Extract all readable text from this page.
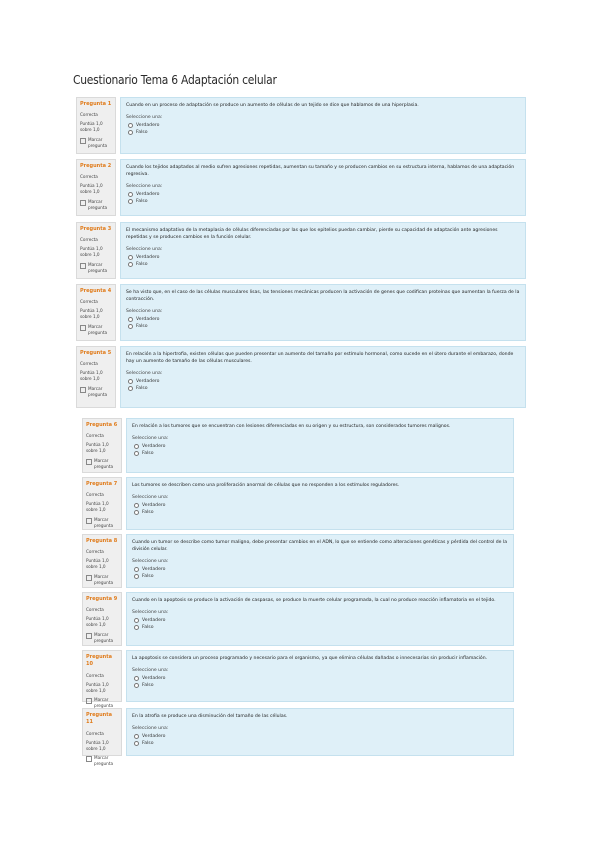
Cuestionario Tema 6 Adaptación celular
Pregunta 1
Correcta
Puntúa 1,0 sobre 1,0
Marcar pregunta
Cuando en un proceso de adaptación se produce un aumento de células de un tejido se dice que hablamos de una hiperplasia.
Seleccione una:
Verdadero
Falso
Pregunta 2
Correcta
Puntúa 1,0 sobre 1,0
Marcar pregunta
Cuando los tejidos adaptados al medio sufren agresiones repetidas, aumentan su tamaño y se producen cambios en su estructura interna, hablamos de una adaptación regresiva.
Seleccione una:
Verdadero
Falso
Pregunta 3
Correcta
Puntúa 1,0 sobre 1,0
Marcar pregunta
El mecanismo adaptativo de la metaplasia de células diferenciadas por las que los epitelios puedan cambiar, pierde su capacidad de adaptación ante agresiones repetidas y se producen cambios en la función celular.
Seleccione una:
Verdadero
Falso
Pregunta 4
Correcta
Puntúa 1,0 sobre 1,0
Marcar pregunta
Se ha visto que, en el caso de las células musculares lisas, las tensiones mecánicas producen la activación de genes que codifican proteínas que aumentan la fuerza de la contracción.
Seleccione una:
Verdadero
Falso
Pregunta 5
Correcta
Puntúa 1,0 sobre 1,0
Marcar pregunta
En relación a la hipertrofia, existen células que pueden presentar un aumento del tamaño por estímulo hormonal, como sucede en el útero durante el embarazo, donde hay un aumento de tamaño de las células musculares.
Seleccione una:
Verdadero
Falso
Pregunta 6
Correcta
Puntúa 1,0 sobre 1,0
Marcar pregunta
En relación a los tumores que se encuentran con lesiones diferenciadas en su origen y su estructura, son considerados tumores malignos.
Seleccione una:
Verdadero
Falso
Pregunta 7
Correcta
Puntúa 1,0 sobre 1,0
Marcar pregunta
Los tumores se describen como una proliferación anormal de células que no responden a los estímulos reguladores.
Seleccione una:
Verdadero
Falso
Pregunta 8
Correcta
Puntúa 1,0 sobre 1,0
Marcar pregunta
Cuando un tumor se describe como tumor maligno, debe presentar cambios en el ADN, lo que se entiende como alteraciones genéticas y pérdida del control de la división celular.
Seleccione una:
Verdadero
Falso
Pregunta 9
Correcta
Puntúa 1,0 sobre 1,0
Marcar pregunta
Cuando en la apoptosis se produce la activación de caspasas, se produce la muerte celular programada, la cual no produce reacción inflamatoria en el tejido.
Seleccione una:
Verdadero
Falso
Pregunta 10
Correcta
Puntúa 1,0 sobre 1,0
Marcar pregunta
La apoptosis se considera un proceso programado y necesario para el organismo, ya que elimina células dañadas o innecesarias sin producir inflamación.
Seleccione una:
Verdadero
Falso
Pregunta 11
Correcta
Puntúa 1,0 sobre 1,0
Marcar pregunta
En la atrofia se produce una disminución del tamaño de las células.
Seleccione una:
Verdadero
Falso
